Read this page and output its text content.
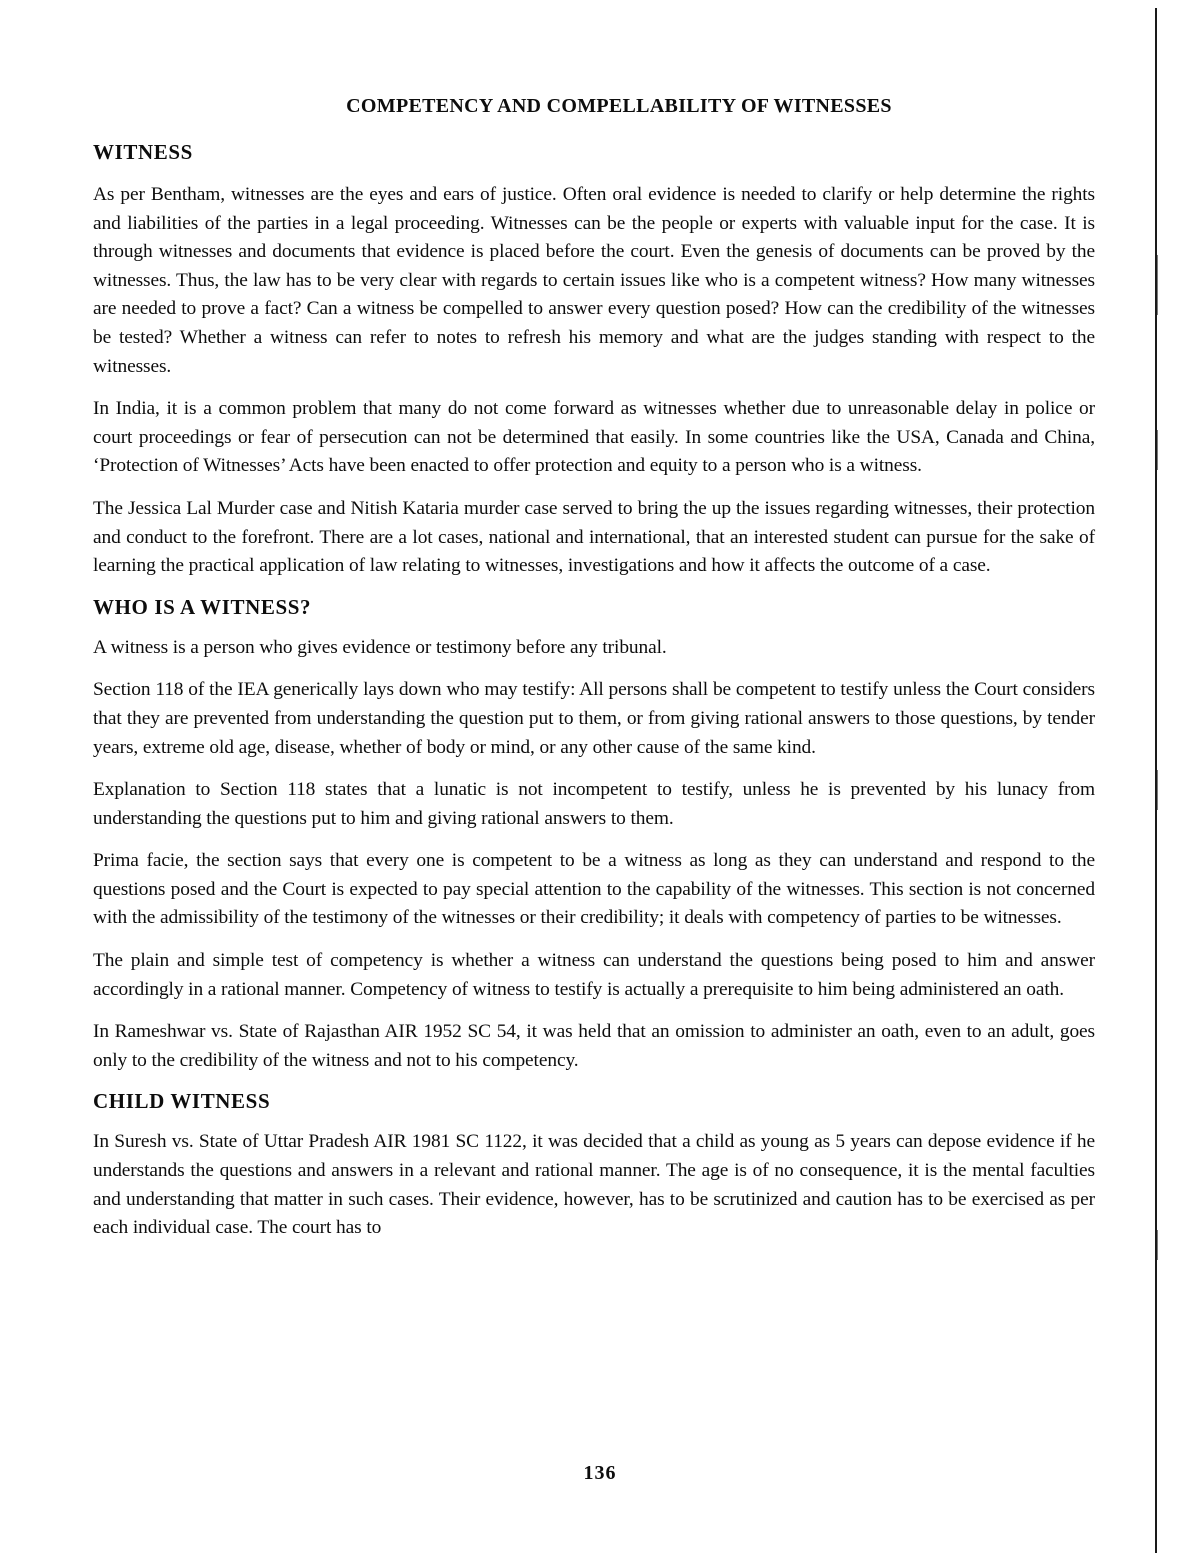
COMPETENCY AND COMPELLABILITY OF WITNESSES
WITNESS

As per Bentham, witnesses are the eyes and ears of justice. Often oral evidence is needed to clarify or help determine the rights and liabilities of the parties in a legal proceeding. Witnesses can be the people or experts with valuable input for the case. It is through witnesses and documents that evidence is placed before the court. Even the genesis of documents can be proved by the witnesses. Thus, the law has to be very clear with regards to certain issues like who is a competent witness? How many witnesses are needed to prove a fact? Can a witness be compelled to answer every question posed? How can the credibility of the witnesses be tested? Whether a witness can refer to notes to refresh his memory and what are the judges standing with respect to the witnesses.

In India, it is a common problem that many do not come forward as witnesses whether due to unreasonable delay in police or court proceedings or fear of persecution can not be determined that easily. In some countries like the USA, Canada and China, ‘Protection of Witnesses’ Acts have been enacted to offer protection and equity to a person who is a witness.

The Jessica Lal Murder case and Nitish Kataria murder case served to bring the up the issues regarding witnesses, their protection and conduct to the forefront. There are a lot cases, national and international, that an interested student can pursue for the sake of learning the practical application of law relating to witnesses, investigations and how it affects the outcome of a case.

WHO IS A WITNESS?

A witness is a person who gives evidence or testimony before any tribunal.

Section 118 of the IEA generically lays down who may testify: All persons shall be competent to testify unless the Court considers that they are prevented from understanding the question put to them, or from giving rational answers to those questions, by tender years, extreme old age, disease, whether of body or mind, or any other cause of the same kind.

Explanation to Section 118 states that a lunatic is not incompetent to testify, unless he is prevented by his lunacy from understanding the questions put to him and giving rational answers to them.

Prima facie, the section says that every one is competent to be a witness as long as they can understand and respond to the questions posed and the Court is expected to pay special attention to the capability of the witnesses. This section is not concerned with the admissibility of the testimony of the witnesses or their credibility; it deals with competency of parties to be witnesses.

The plain and simple test of competency is whether a witness can understand the questions being posed to him and answer accordingly in a rational manner. Competency of witness to testify is actually a prerequisite to him being administered an oath.

In Rameshwar vs. State of Rajasthan AIR 1952 SC 54, it was held that an omission to administer an oath, even to an adult, goes only to the credibility of the witness and not to his competency.

CHILD WITNESS

In Suresh vs. State of Uttar Pradesh AIR 1981 SC 1122, it was decided that a child as young as 5 years can depose evidence if he understands the questions and answers in a relevant and rational manner. The age is of no consequence, it is the mental faculties and understanding that matter in such cases. Their evidence, however, has to be scrutinized and caution has to be exercised as per each individual case. The court has to

136
